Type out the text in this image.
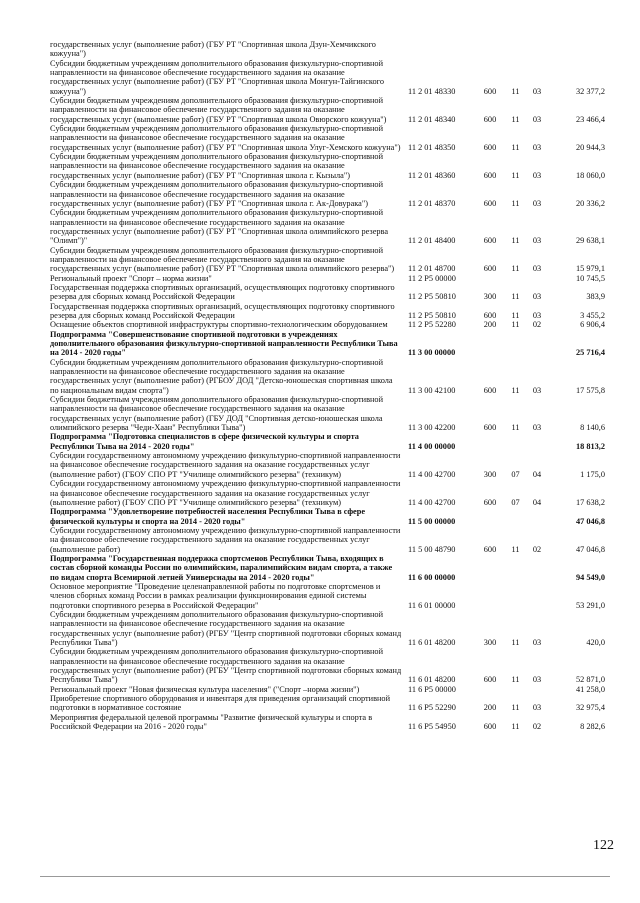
государственных услуг (выполнение работ) (ГБУ РТ "Спортивная школа Дзун-Хемчикского кожууна")					
Субсидии бюджетным учреждениям дополнительного образования физкультурно-спортивной направленности на финансовое обеспечение государственного задания на оказание государственных услуг (выполнение работ) (ГБУ РТ "Спортивная школа Монгун-Тайгинского кожууна")	11 2 01 48330	600	11	03	32 377,2
Субсидии бюджетным учреждениям дополнительного образования физкультурно-спортивной направленности на финансовое обеспечение государственного задания на оказание государственных услуг (выполнение работ) (ГБУ РТ "Спортивная школа Овюрского кожууна")	11 2 01 48340	600	11	03	23 466,4
Субсидии бюджетным учреждениям дополнительного образования физкультурно-спортивной направленности на финансовое обеспечение государственного задания на оказание государственных услуг (выполнение работ) (ГБУ РТ "Спортивная школа Улуг-Хемского кожууна")	11 2 01 48350	600	11	03	20 944,3
Субсидии бюджетным учреждениям дополнительного образования физкультурно-спортивной направленности на финансовое обеспечение государственного задания на оказание государственных услуг (выполнение работ) (ГБУ РТ "Спортивная школа г. Кызыла")	11 2 01 48360	600	11	03	18 060,0
Субсидии бюджетным учреждениям дополнительного образования физкультурно-спортивной направленности на финансовое обеспечение государственного задания на оказание государственных услуг (выполнение работ) (ГБУ РТ "Спортивная школа г. Ак-Довурака")	11 2 01 48370	600	11	03	20 336,2
Субсидии бюджетным учреждениям дополнительного образования физкультурно-спортивной направленности на финансовое обеспечение государственного задания на оказание государственных услуг (выполнение работ) (ГБУ РТ "Спортивная школа олимпийского резерва "Олимп")"	11 2 01 48400	600	11	03	29 638,1
Субсидии бюджетным учреждениям дополнительного образования физкультурно-спортивной направленности на финансовое обеспечение государственного задания на оказание государственных услуг (выполнение работ) (ГБУ РТ "Спортивная школа олимпийского резерва")	11 2 01 48700	600	11	03	15 979,1
Региональный проект "Спорт – норма жизни"	11 2 P5 00000				10 745,5
Государственная поддержка спортивных организаций, осуществляющих подготовку спортивного резерва для сборных команд Российской Федерации	11 2 P5 50810	300	11	03	383,9
Государственная поддержка спортивных организаций, осуществляющих подготовку спортивного резерва для сборных команд Российской Федерации	11 2 P5 50810	600	11	03	3 455,2
Оснащение объектов спортивной инфраструктуры спортивно-технологическим оборудованием	11 2 P5 52280	200	11	02	6 906,4
Подпрограмма "Совершенствование спортивной подготовки в учреждениях дополнительного образования физкультурно-спортивной направленности Республики Тыва на 2014 - 2020 годы"	11 3 00 00000				25 716,4
Субсидии бюджетным учреждениям дополнительного образования физкультурно-спортивной направленности на финансовое обеспечение государственного задания на оказание государственных услуг (выполнение работ) (РГБОУ ДОД "Детско-юношеская спортивная школа по национальным видам спорта")	11 3 00 42100	600	11	03	17 575,8
Субсидии бюджетным учреждениям дополнительного образования физкультурно-спортивной направленности на финансовое обеспечение государственного задания на оказание государственных услуг (выполнение работ) (ГБУ ДОД "Спортивная детско-юношеская школа олимпийского резерва "Чеди-Хаан" Республики Тыва")	11 3 00 42200	600	11	03	8 140,6
Подпрограмма "Подготовка специалистов в сфере физической культуры и спорта Республики Тыва на 2014 - 2020 годы"	11 4 00 00000				18 813,2
Субсидии государственному автономному учреждению физкультурно-спортивной направленности на финансовое обеспечение государственного задания на оказание государственных услуг (выполнение работ) (ГБОУ СПО РТ "Училище олимпийского резерва" (техникум)	11 4 00 42700	300	07	04	1 175,0
Субсидии государственному автономному учреждению физкультурно-спортивной направленности на финансовое обеспечение государственного задания на оказание государственных услуг (выполнение работ) (ГБОУ СПО РТ "Училище олимпийского резерва" (техникум)	11 4 00 42700	600	07	04	17 638,2
Подпрограмма "Удовлетворение потребностей населения Республики Тыва в сфере физической культуры и спорта на 2014 - 2020 годы"	11 5 00 00000				47 046,8
Субсидии государственному автономному учреждению физкультурно-спортивной направленности на финансовое обеспечение государственного задания на оказание государственных услуг (выполнение работ)	11 5 00 48790	600	11	02	47 046,8
Подпрограмма "Государственная поддержка спортсменов Республики Тыва, входящих в состав сборной команды России по олимпийским, паралимпийским видам спорта, а также по видам спорта Всемирной летней Универсиады на 2014 - 2020 годы"	11 6 00 00000				94 549,0
Основное мероприятие "Проведение целенаправленной работы по подготовке спортсменов и членов сборных команд России в рамках реализации функционирования единой системы подготовки спортивного резерва в Российской Федерации"	11 6 01 00000				53 291,0
Субсидии бюджетным учреждениям дополнительного образования физкультурно-спортивной направленности на финансовое обеспечение государственного задания на оказание государственных услуг (выполнение работ) (РГБУ "Центр спортивной подготовки сборных команд Республики Тыва")	11 6 01 48200	300	11	03	420,0
Субсидии бюджетным учреждениям дополнительного образования физкультурно-спортивной направленности на финансовое обеспечение государственного задания на оказание государственных услуг (выполнение работ) (РГБУ "Центр спортивной подготовки сборных команд Республики Тыва")	11 6 01 48200	600	11	03	52 871,0
Региональный проект "Новая физическая культура населения" ("Спорт –норма жизни")	11 6 P5 00000				41 258,0
Приобретение спортивного оборудования и инвентаря для приведения организаций спортивной подготовки в нормативное состояние	11 6 P5 52290	200	11	03	32 975,4
Мероприятия федеральной целевой программы "Развитие физической культуры и спорта в Российской Федерации на 2016 - 2020 годы"	11 6 P5 54950	600	11	02	8 282,6
122
